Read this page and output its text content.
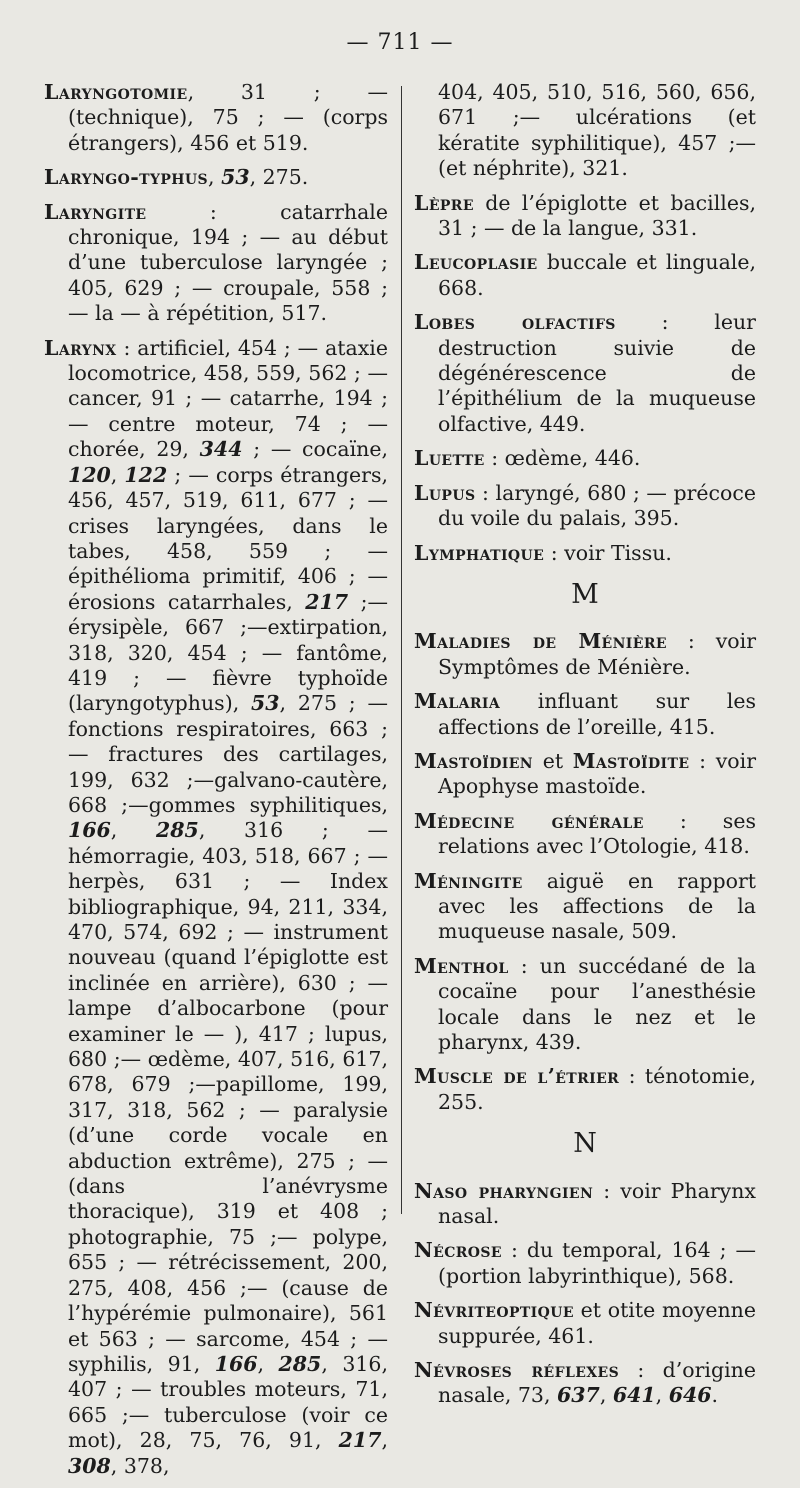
— 711 —

Laryngotomie, 31 ; — (technique), 75 ; — (corps étrangers), 456 et 519.

Laryngo-typhus, 53, 275.

Laryngite : catarrhale chronique, 194 ; — au début d’une tuberculose laryngée ; 405, 629 ; — croupale, 558 ; — la — à répétition, 517.

Larynx : artificiel, 454 ; — ataxie locomotrice, 458, 559, 562 ; — cancer, 91 ; — catarrhe, 194 ; — centre moteur, 74 ; — chorée, 29, 344 ; — cocaïne, 120, 122 ; — corps étrangers, 456, 457, 519, 611, 677 ; — crises laryngées, dans le tabes, 458, 559 ; — épithélioma primitif, 406 ; — érosions catarrhales, 217 ;— érysipèle, 667 ;—extirpation, 318, 320, 454 ; — fantôme, 419 ; — fièvre typhoïde (laryngotyphus), 53, 275 ; — fonctions respiratoires, 663 ; — fractures des cartilages, 199, 632 ;—galvano-cautère, 668 ;—gommes syphilitiques, 166, 285, 316 ; — hémorragie, 403, 518, 667 ; — herpès, 631 ; — Index bibliographique, 94, 211, 334, 470, 574, 692 ; — instrument nouveau (quand l’épiglotte est inclinée en arrière), 630 ; — lampe d’albocarbone (pour examiner le — ), 417 ; lupus, 680 ;— œdème, 407, 516, 617, 678, 679 ;—papillome, 199, 317, 318, 562 ; — paralysie (d’une corde vocale en abduction extrême), 275 ; — (dans l’anévrysme thoracique), 319 et 408 ; photographie, 75 ;— polype, 655 ; — rétrécissement, 200, 275, 408, 456 ;— (cause de l’hypérémie pulmonaire), 561 et 563 ; — sarcome, 454 ; — syphilis, 91, 166, 285, 316, 407 ; — troubles moteurs, 71, 665 ;— tuberculose (voir ce mot), 28, 75, 76, 91, 217, 308, 378,

404, 405, 510, 516, 560, 656, 671 ;— ulcérations (et kératite syphilitique), 457 ;—(et néphrite), 321.

Lèpre de l’épiglotte et bacilles, 31 ; — de la langue, 331.

Leucoplasie buccale et linguale, 668.

Lobes olfactifs : leur destruction suivie de dégénérescence de l’épithélium de la muqueuse olfactive, 449.

Luette : œdème, 446.

Lupus : laryngé, 680 ; — précoce du voile du palais, 395.

Lymphatique : voir Tissu.

M

Maladies de Ménière : voir Symptômes de Ménière.

Malaria influant sur les affections de l’oreille, 415.

Mastoïdien et Mastoïdite : voir Apophyse mastoïde.

Médecine générale : ses relations avec l’Otologie, 418.

Méningite aiguë en rapport avec les affections de la muqueuse nasale, 509.

Menthol : un succédané de la cocaïne pour l’anesthésie locale dans le nez et le pharynx, 439.

Muscle de l’étrier : ténotomie, 255.

N

Naso pharyngien : voir Pharynx nasal.

Nécrose : du temporal, 164 ; — (portion labyrinthique), 568.

Névriteoptique et otite moyenne suppurée, 461.

Névroses réflexes : d’origine nasale, 73, 637, 641, 646.
